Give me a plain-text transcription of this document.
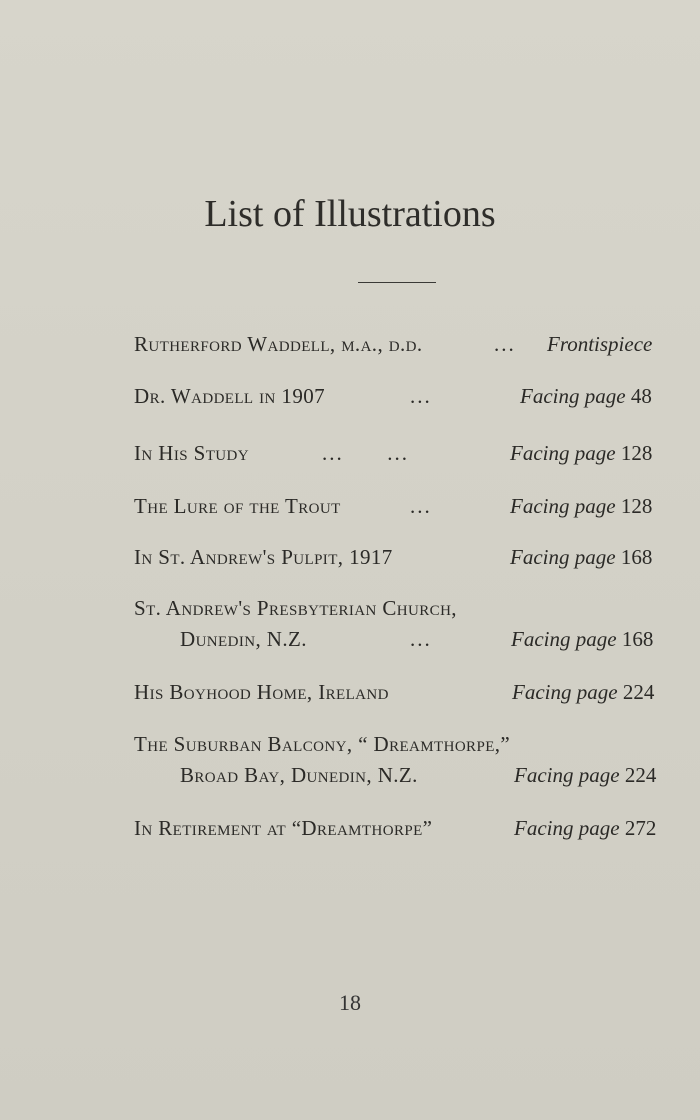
List of Illustrations
Rutherford Waddell, m.a., d.d.	... Frontispiece
Dr. Waddell in 1907	...	Facing page 48
In His Study	...      ...	Facing page 128
The Lure of the Trout	...	Facing page 128
In St. Andrew's Pulpit, 1917	Facing page 168
St. Andrew's Presbyterian Church,
Dunedin, N.Z.	...	Facing page 168
His Boyhood Home, Ireland	Facing page 224
The Suburban Balcony, “ Dreamthorpe,”
Broad Bay, Dunedin, N.Z.	Facing page 224
In Retirement at “Dreamthorpe”	Facing page 272
18
